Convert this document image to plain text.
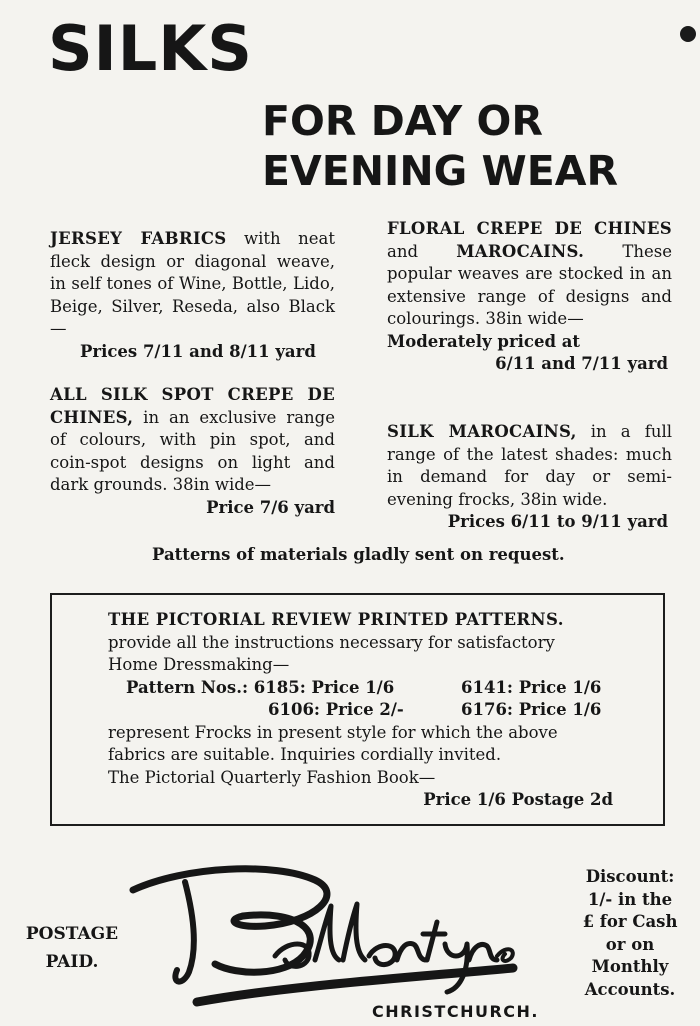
SILKS
FOR DAY OR
EVENING WEAR

JERSEY FABRICS with neat fleck design or diagonal weave, in self tones of Wine, Bottle, Lido, Beige, Silver, Reseda, also Black—

Prices 7/11 and 8/11 yard

ALL SILK SPOT CREPE DE CHINES, in an exclusive range of colours, with pin spot, and coin-spot designs on light and dark grounds. 38in wide—

Price 7/6 yard

FLORAL CREPE DE CHINES and MAROCAINS. These popular weaves are stocked in an extensive range of designs and colourings. 38in wide—

Moderately priced at
6/11 and 7/11 yard

SILK MAROCAINS, in a full range of the latest shades: much in demand for day or semi-evening frocks, 38in wide.

Prices 6/11 to 9/11 yard
Patterns of materials gladly sent on request.
THE PICTORIAL REVIEW PRINTED PATTERNS.
provide all the instructions necessary for satisfactory
Home Dressmaking—
Pattern Nos.: 6185: Price 1/6	6141: Price 1/6
6106: Price 2/-	6176: Price 1/6
represent Frocks in present style for which the above
fabrics are suitable. Inquiries cordially invited.
The Pictorial Quarterly Fashion Book—
Price 1/6 Postage 2d
POSTAGE
PAID.
CHRISTCHURCH.
Discount:
1/- in the
£ for Cash
or on
Monthly
Accounts.
